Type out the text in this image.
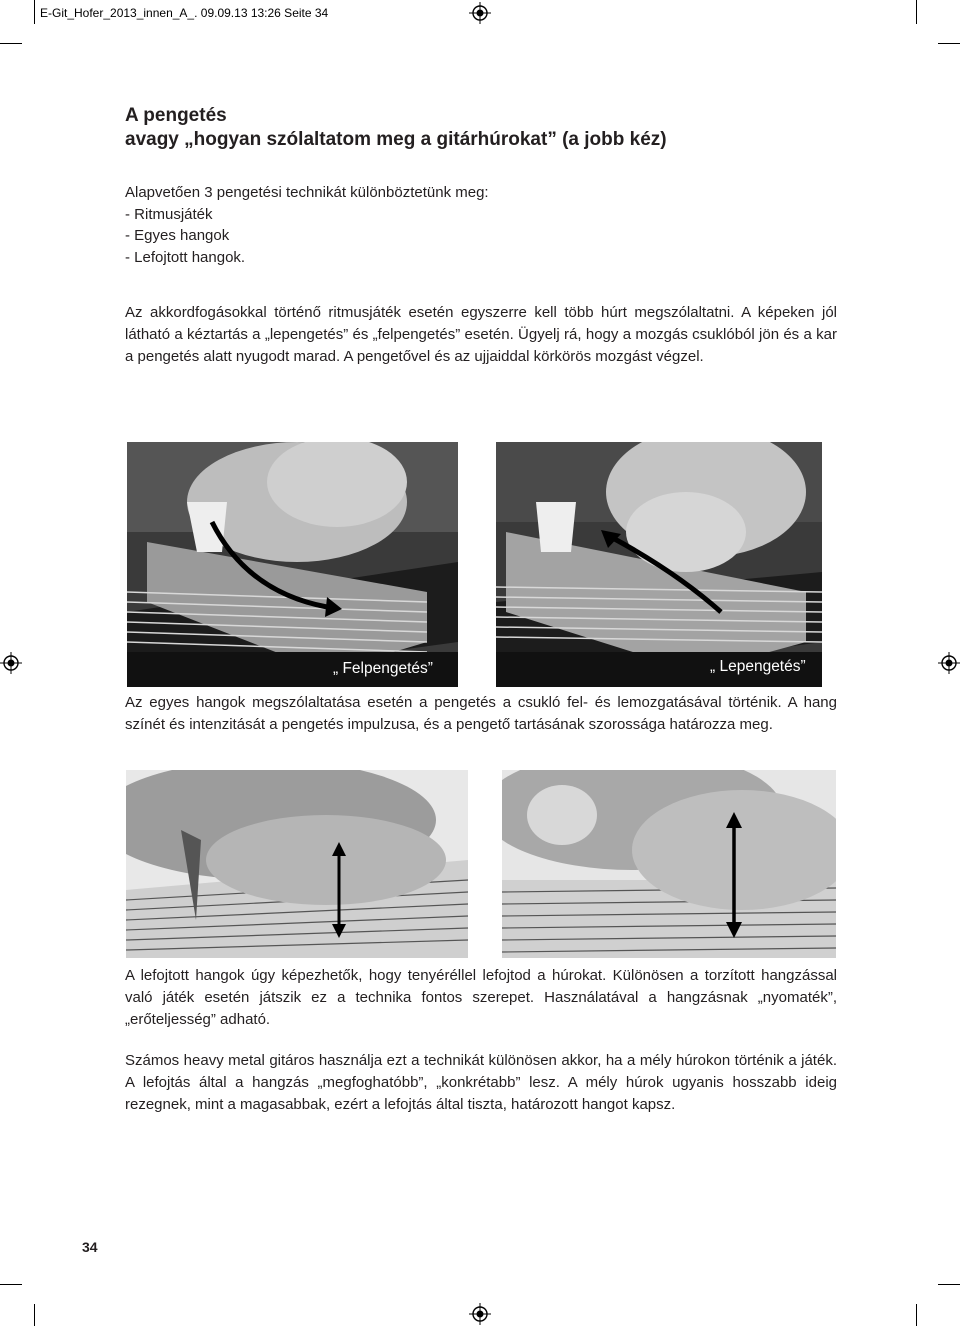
E-Git_Hofer_2013_innen_A_. 09.09.13 13:26 Seite 34
A pengetés
avagy „hogyan szólaltatom meg a gitárhúrokat” (a jobb kéz)
Alapvetően 3 pengetési technikát különböztetünk meg:
- Ritmusjáték
- Egyes hangok
- Lefojtott hangok.
Az akkordfogásokkal történő ritmusjáték esetén egyszerre kell több húrt megszólaltatni. A képeken jól látható a kéztartás a „lepengetés” és „felpengetés” esetén. Ügyelj rá, hogy a mozgás csuklóból jön és a kar a pengetés alatt nyugodt marad. A pengetővel és az ujjaiddal körkörös mozgást végzel.
„ Felpengetés”	„ Lepengetés”
Az egyes hangok megszólaltatása esetén a pengetés a csukló fel- és lemozgatásával történik. A hang színét és intenzitását a pengetés impulzusa, és a pengető tartásának szorossága határozza meg.
A lefojtott hangok úgy képezhetők, hogy tenyéréllel lefojtod a húrokat. Különösen a torzított hangzással való játék esetén játszik ez a technika fontos szerepet. Használatával a hangzásnak „nyomaték”, „erőteljesség” adható.
Számos heavy metal gitáros használja ezt a technikát különösen akkor, ha a mély húrokon történik a játék. A lefojtás által a hangzás „megfoghatóbb”, „konkrétabb” lesz. A mély húrok ugyanis hosszabb ideig rezegnek, mint a magasabbak, ezért a lefojtás által tiszta, határozott hangot kapsz.
34
